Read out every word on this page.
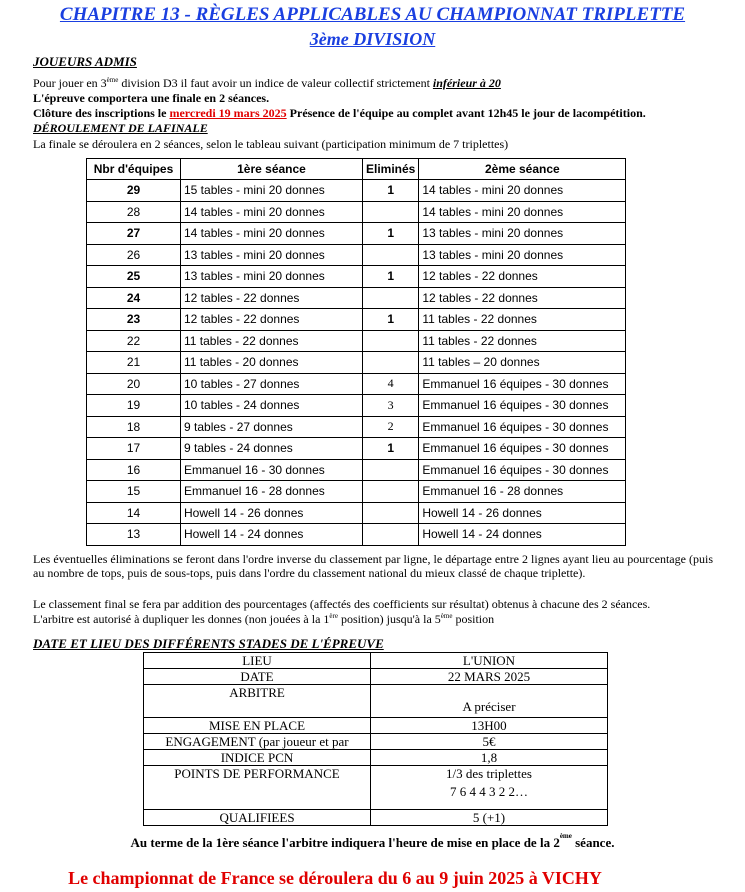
CHAPITRE 13 - RÈGLES APPLICABLES AU CHAMPIONNAT TRIPLETTE
3ème DIVISION
JOUEURS ADMIS
Pour jouer en 3ème division D3 il faut avoir un indice de valeur collectif strictement inférieur à 20
L'épreuve comportera une finale en 2 séances.
Clôture des inscriptions le mercredi 19 mars 2025 Présence de l'équipe au complet avant 12h45 le jour de lacompétition.
DÉROULEMENT DE LAFINALE
La finale se déroulera en 2 séances, selon le tableau suivant (participation minimum de 7 triplettes)
Nbr d'équipes	1ère séance	Eliminés	2ème séance
29	15 tables - mini 20 donnes	1	14 tables - mini 20 donnes
28	14 tables - mini 20 donnes		14 tables - mini 20 donnes
27	14 tables - mini 20 donnes	1	13 tables - mini 20 donnes
26	13 tables - mini 20 donnes		13 tables - mini 20 donnes
25	13 tables - mini 20 donnes	1	12 tables - 22 donnes
24	12 tables - 22 donnes		12 tables - 22 donnes
23	12 tables - 22 donnes	1	11 tables - 22 donnes
22	11 tables - 22 donnes		11 tables - 22 donnes
21	11 tables - 20 donnes		11 tables – 20 donnes
20	10 tables - 27 donnes	4	Emmanuel 16 équipes - 30 donnes
19	10 tables - 24 donnes	3	Emmanuel 16 équipes - 30 donnes
18	9 tables - 27 donnes	2	Emmanuel 16 équipes - 30 donnes
17	9 tables - 24 donnes	1	Emmanuel 16 équipes - 30 donnes
16	Emmanuel 16 - 30 donnes		Emmanuel 16 équipes - 30 donnes
15	Emmanuel 16 - 28 donnes		Emmanuel 16 - 28 donnes
14	Howell 14 - 26 donnes		Howell 14 - 26 donnes
13	Howell 14 - 24 donnes		Howell 14 - 24 donnes
Les éventuelles éliminations se feront dans l'ordre inverse du classement par ligne, le départage entre 2 lignes ayant lieu au pourcentage (puis au nombre de tops, puis de sous-tops, puis dans l'ordre du classement national du mieux classé de chaque triplette).
Le classement final se fera par addition des pourcentages (affectés des coefficients sur résultat) obtenus à chacune des 2 séances.
L'arbitre est autorisé à dupliquer les donnes (non jouées à la 1ère position) jusqu'à la 5ème position
DATE ET LIEU DES DIFFÉRENTS STADES DE L'ÉPREUVE
LIEU	L'UNION
DATE	22 MARS 2025
ARBITRE	A préciser
MISE EN PLACE	13H00
ENGAGEMENT (par joueur et par	5€
INDICE PCN	1,8
POINTS DE PERFORMANCE	1/3 des triplettes
7 6 4 4 3 2 2…

QUALIFIEES	5 (+1)
Au terme de la 1ère séance l'arbitre indiquera l'heure de mise en place de la 2ème séance.
Le championnat de France se déroulera du 6 au 9 juin 2025 à VICHY
